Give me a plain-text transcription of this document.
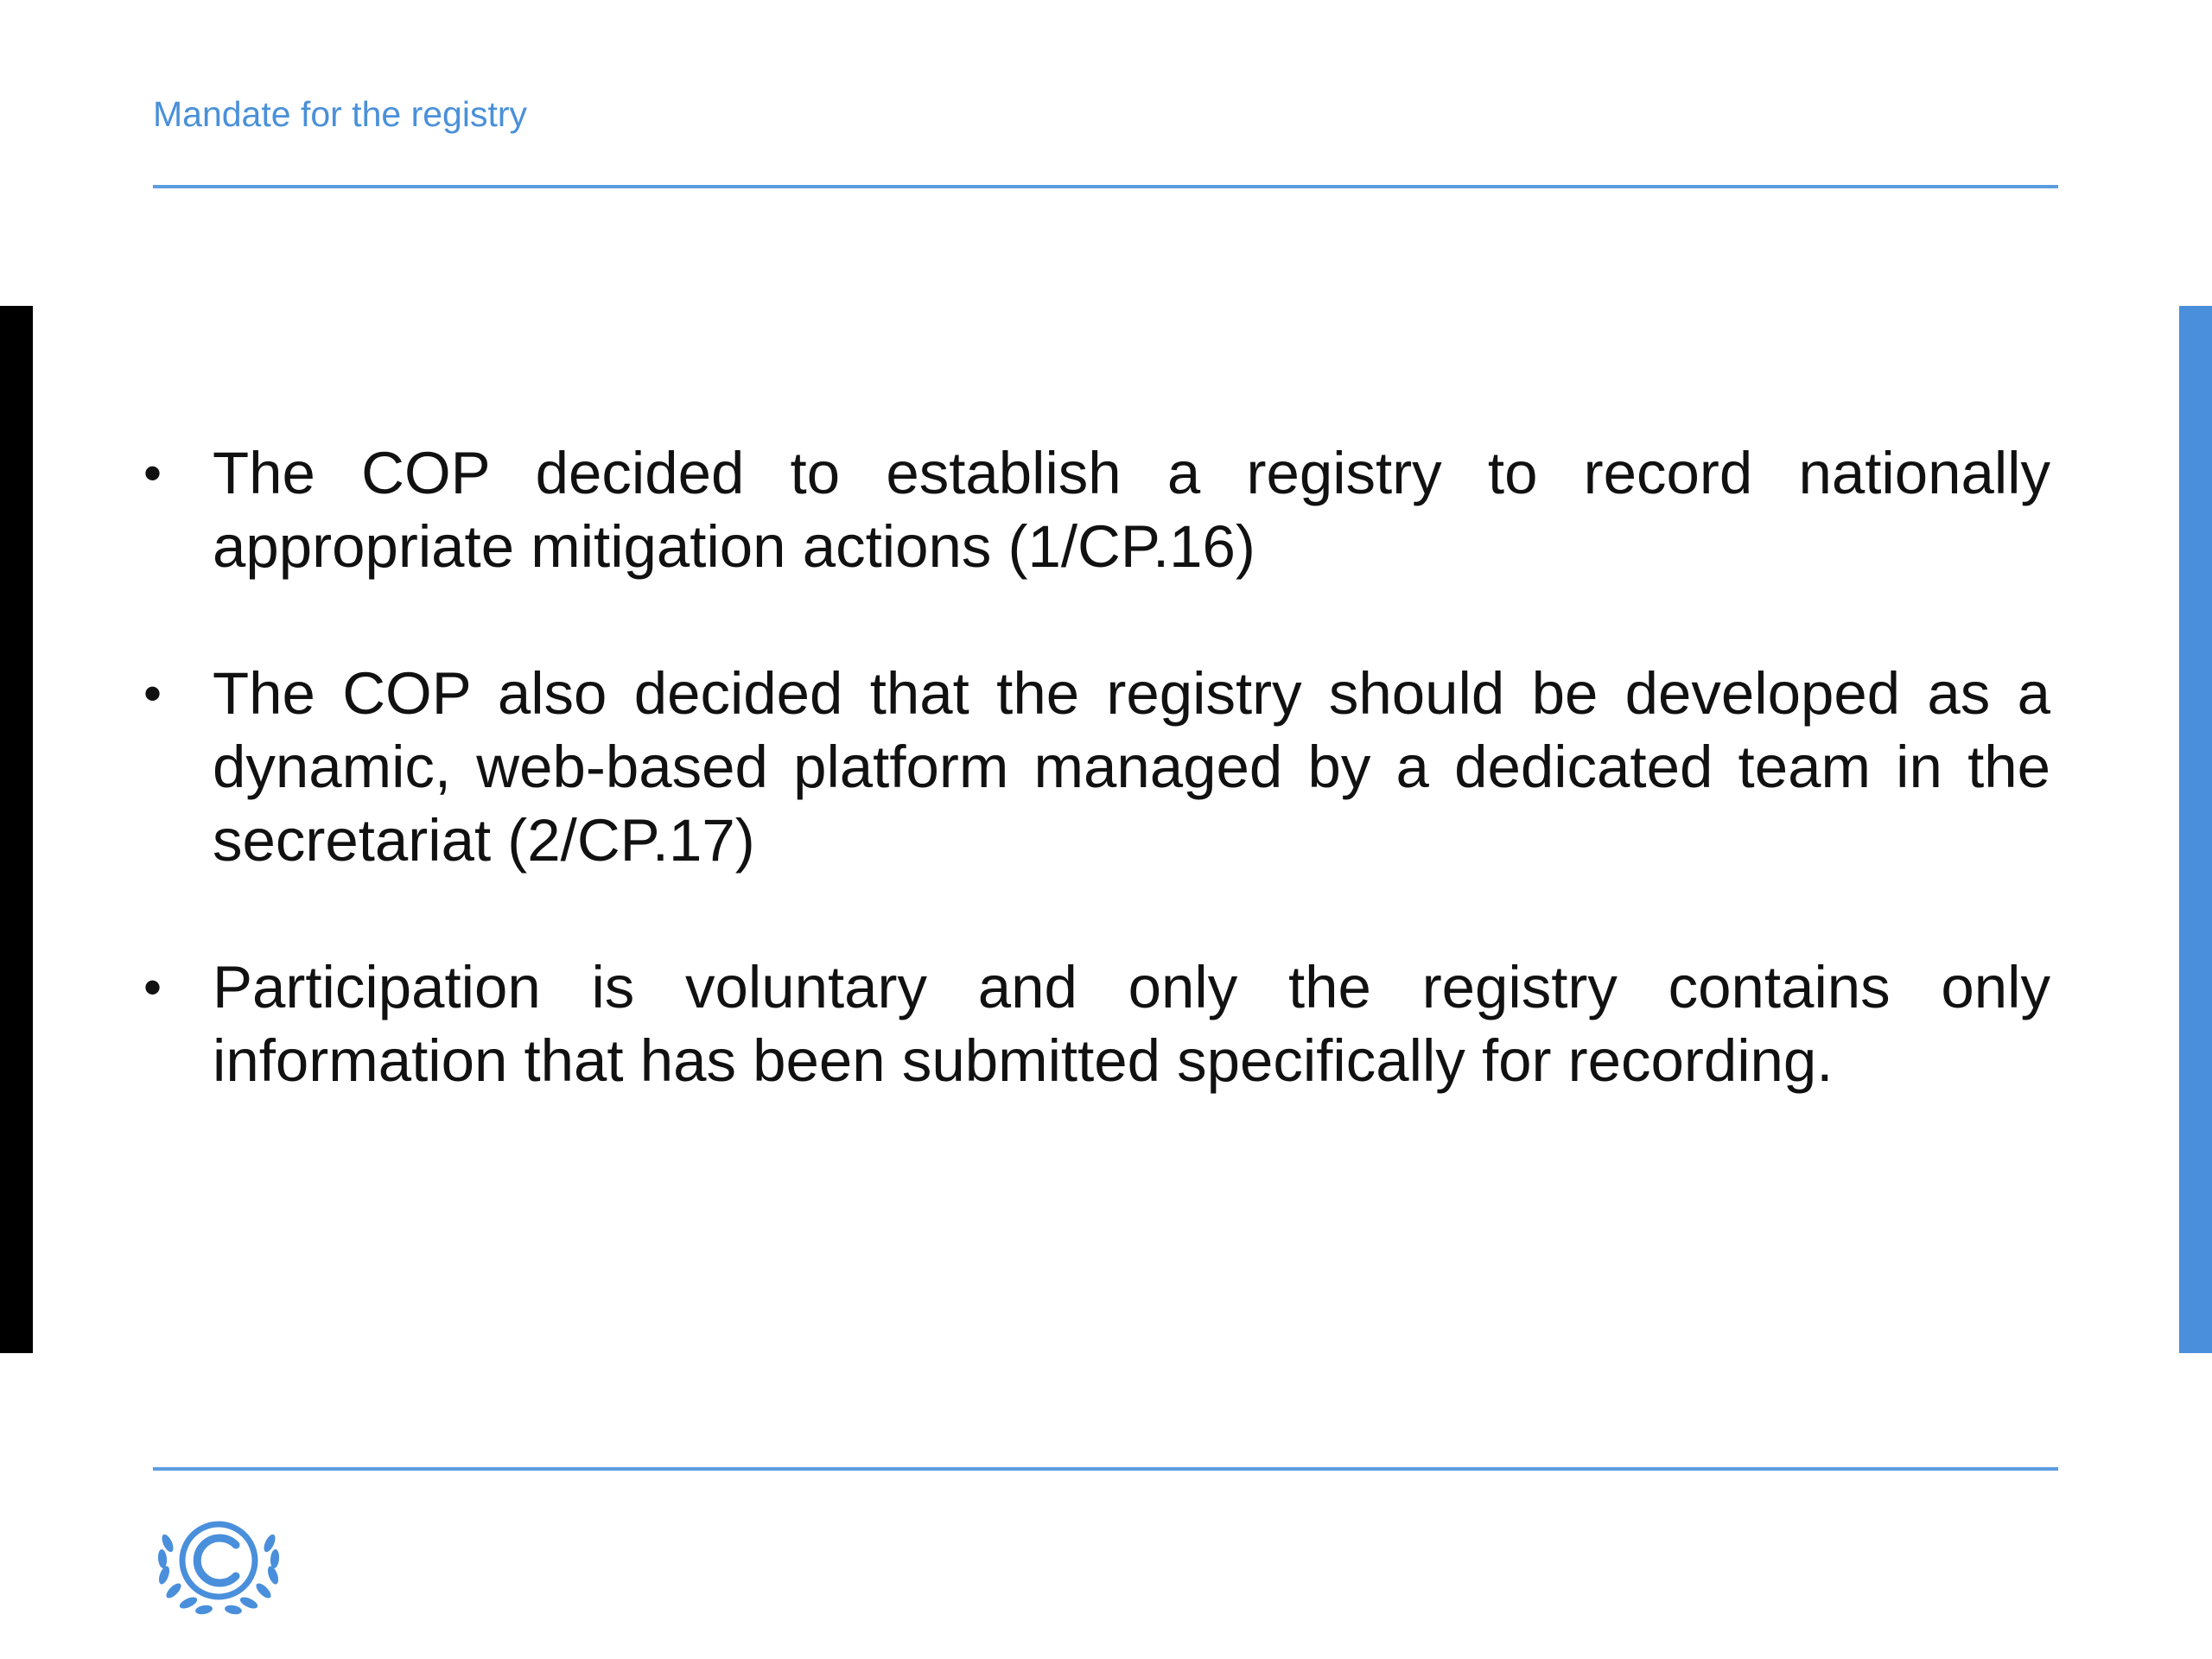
Mandate for the registry
• The COP decided to establish a registry to record nationally appropriate mitigation actions (1/CP.16)
• The COP also decided that the registry should be developed as a dynamic, web-based platform managed by a dedicated team in the secretariat (2/CP.17)
• Participation is voluntary and only the registry contains only information that has been submitted specifically for recording.
